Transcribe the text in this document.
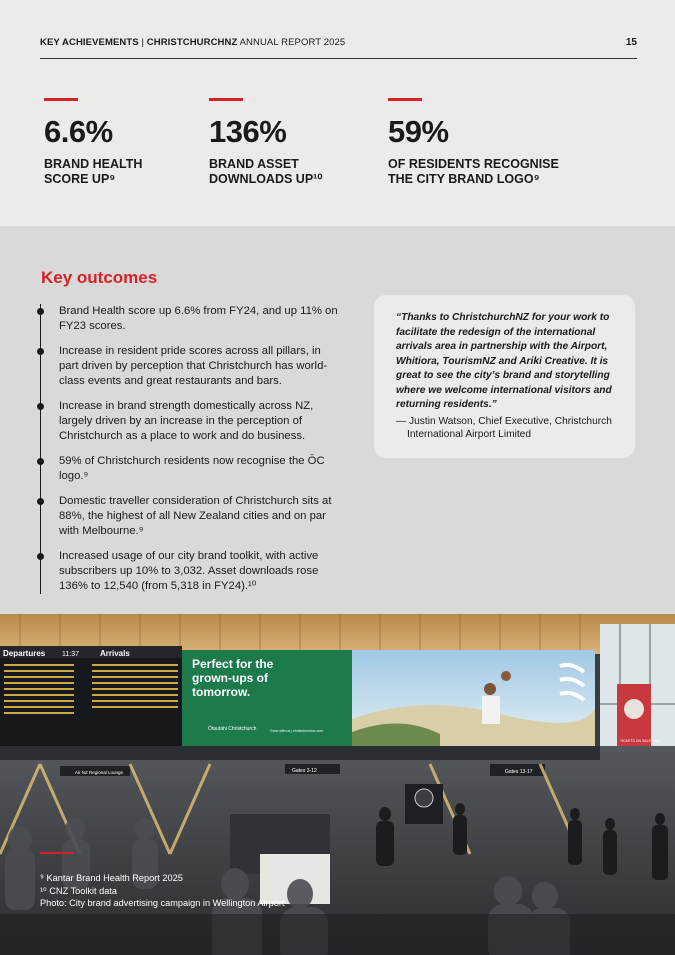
KEY ACHIEVEMENTS | CHRISTCHURCHNZ ANNUAL REPORT 2025	15
6.6%
BRAND HEALTH
SCORE UP⁹
136%
BRAND ASSET
DOWNLOADS UP¹⁰
59%
OF RESIDENTS RECOGNISE
THE CITY BRAND LOGO⁹
Key outcomes
Brand Health score up 6.6% from FY24, and up 11% on FY23 scores.
Increase in resident pride scores across all pillars, in part driven by perception that Christchurch has world-class events and great restaurants and bars.
Increase in brand strength domestically across NZ, largely driven by an increase in the perception of Christchurch as a place to work and do business.
59% of Christchurch residents now recognise the ŌC logo.⁹
Domestic traveller consideration of Christchurch sits at 88%, the highest of all New Zealand cities and on par with Melbourne.⁹
Increased usage of our city brand toolkit, with active subscribers up 10% to 3,032. Asset downloads rose 136% to 12,540 (from 5,318 in FY24).¹⁰

“Thanks to ChristchurchNZ for your work to facilitate the redesign of the international arrivals area in partnership with the Airport, Whitiora, TourismNZ and Ariki Creative. It is great to see the city’s brand and storytelling where we welcome international visitors and returning residents.”

— Justin Watson, Chief Executive, Christchurch International Airport Limited

Departures 11:37	Arrivals
Perfect for the grown-ups of tomorrow.
Ōtautahi Christchurch	Grow with us | christchurchnz.com
TICKETS ON SALE NOW
Air NZ Regional Lounge	Gates 3-12	Gates 13-17
⁹ Kantar Brand Health Report 2025
¹⁰ CNZ Toolkit data
Photo: City brand advertising campaign in Wellington Airport
